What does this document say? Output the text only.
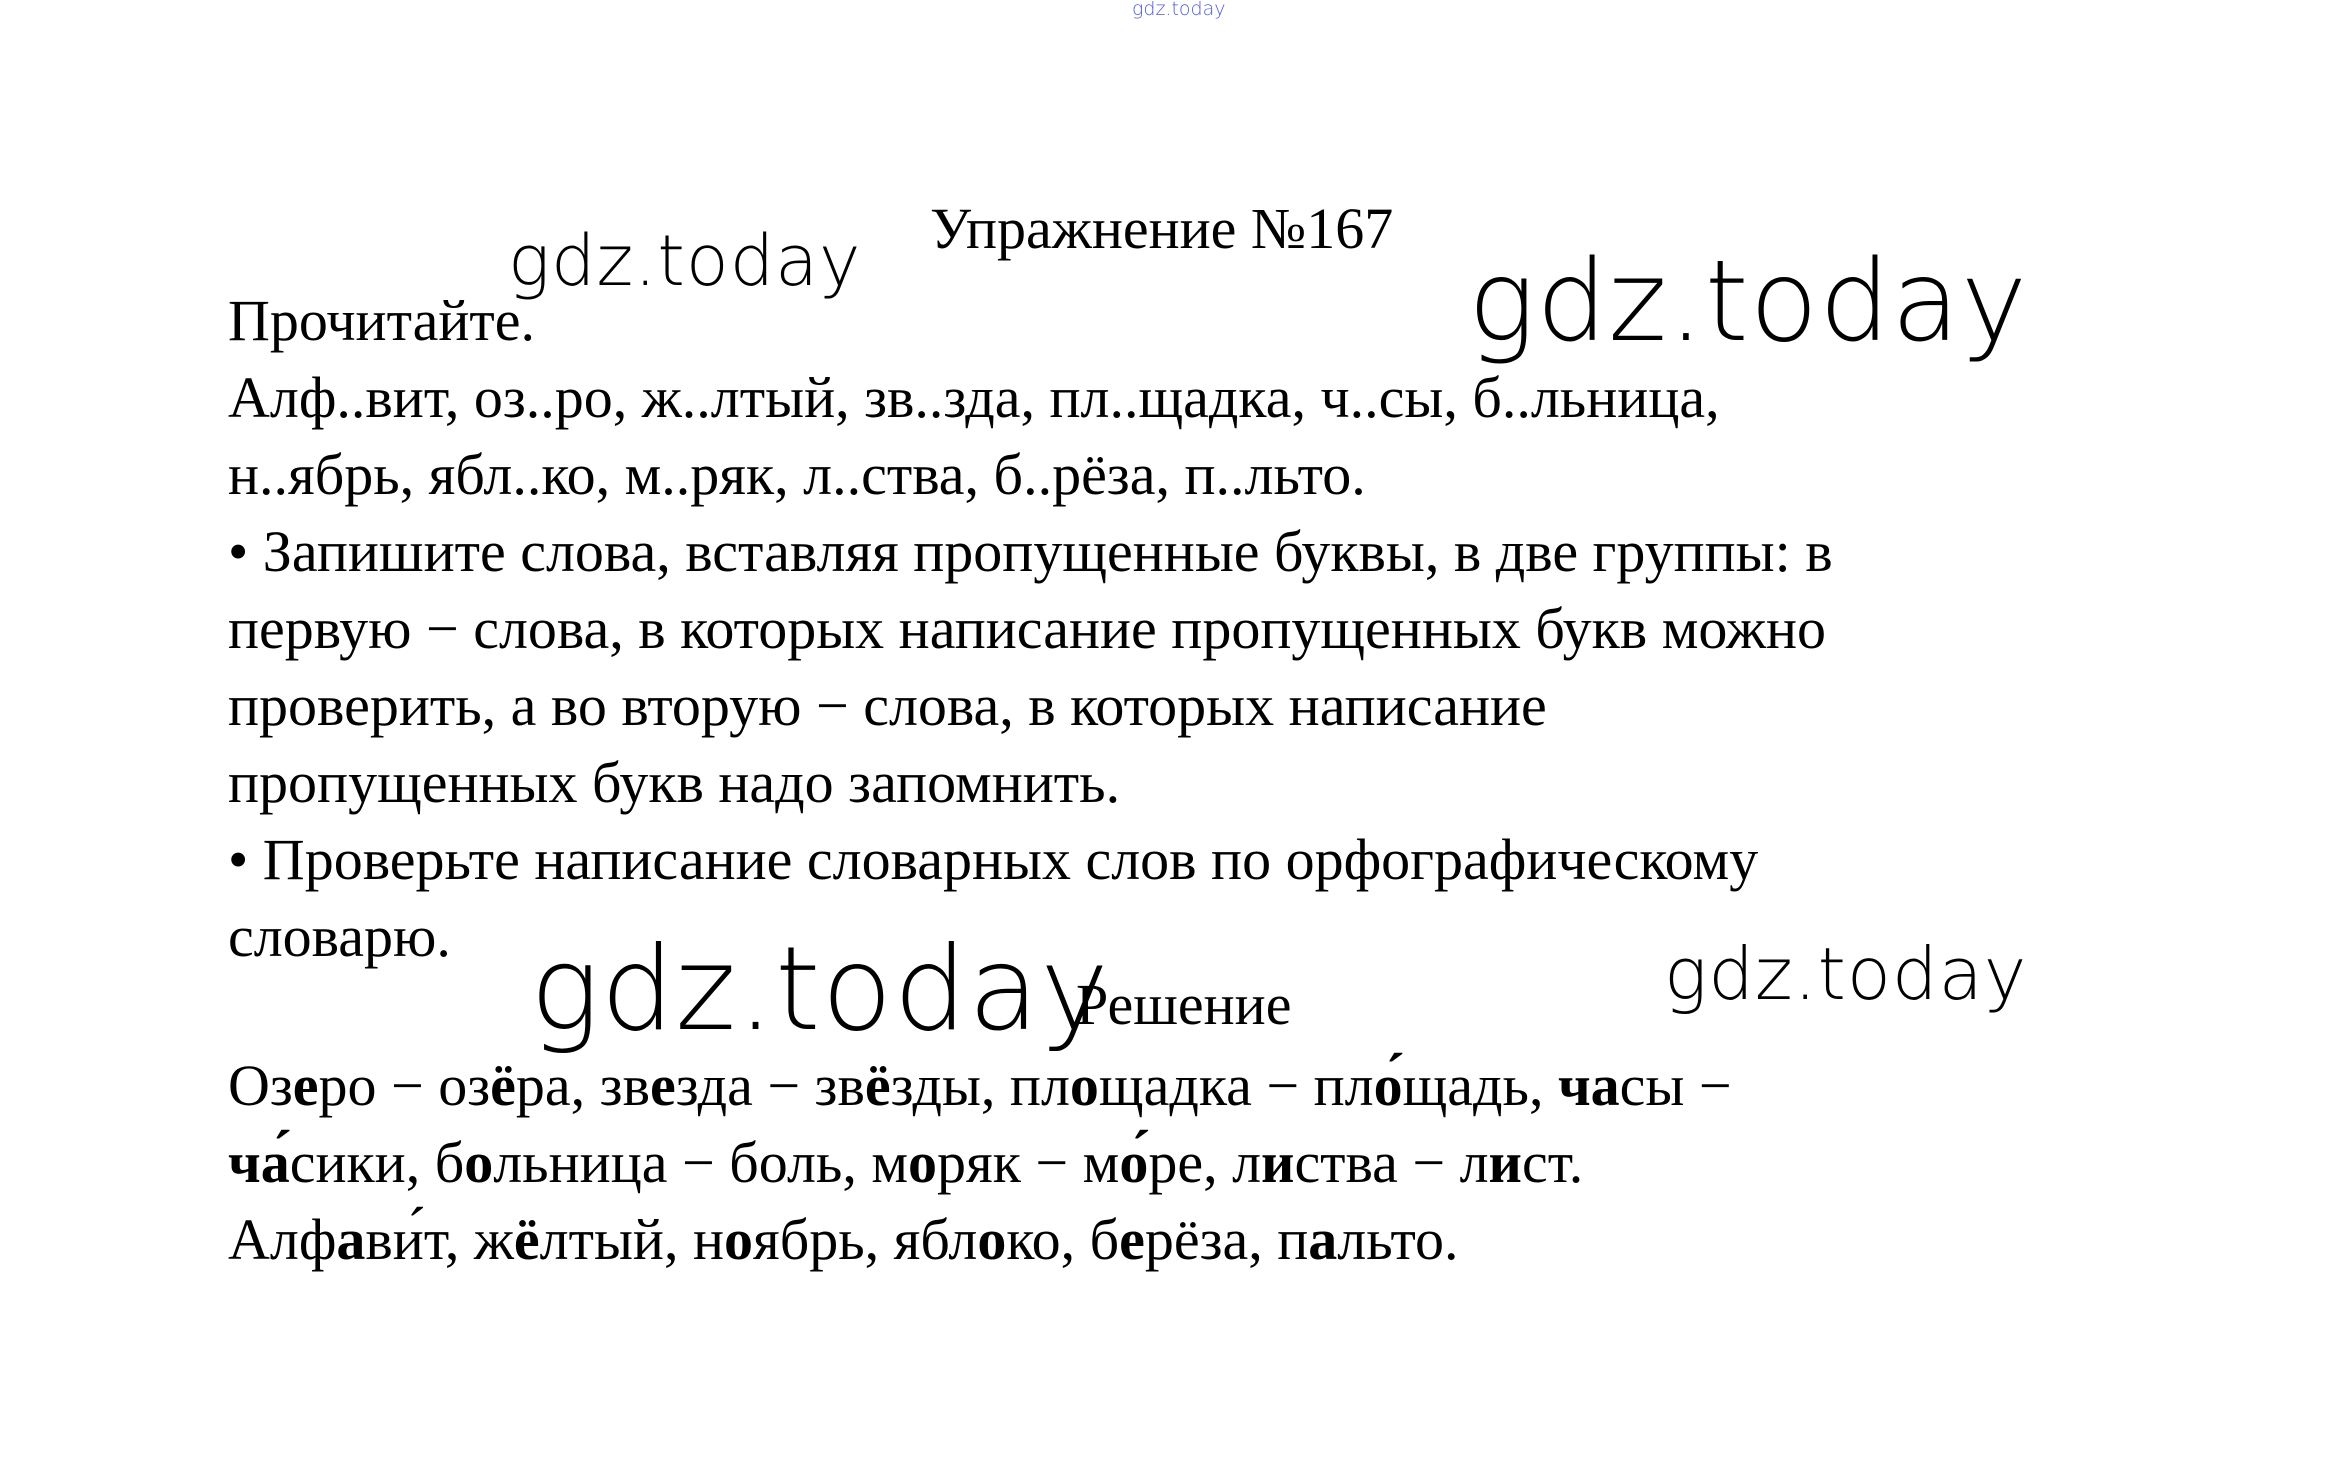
gdz.today
gdz.today	gdz.today
gdz.today	gdz.today
Упражнение №167
Прочитайте.
Алф..вит, оз..ро, ж..лтый, зв..зда, пл..щадка, ч..сы, б..льница,
н..ябрь, ябл..ко, м..ряк, л..ства, б..рёза, п..льто.
• Запишите слова, вставляя пропущенные буквы, в две группы: в
первую − слова, в которых написание пропущенных букв можно
проверить, а во вторую − слова, в которых написание
пропущенных букв надо запомнить.
• Проверьте написание словарных слов по орфографическому
словарю.
Решение
Озеро − озёра, звезда − звёзды, площадка − пло́щадь, часы −
ча́сики, больница − боль, моряк − мо́ре, листва − лист.
Алфави́т, жёлтый, ноябрь, яблоко, берёза, пальто.
